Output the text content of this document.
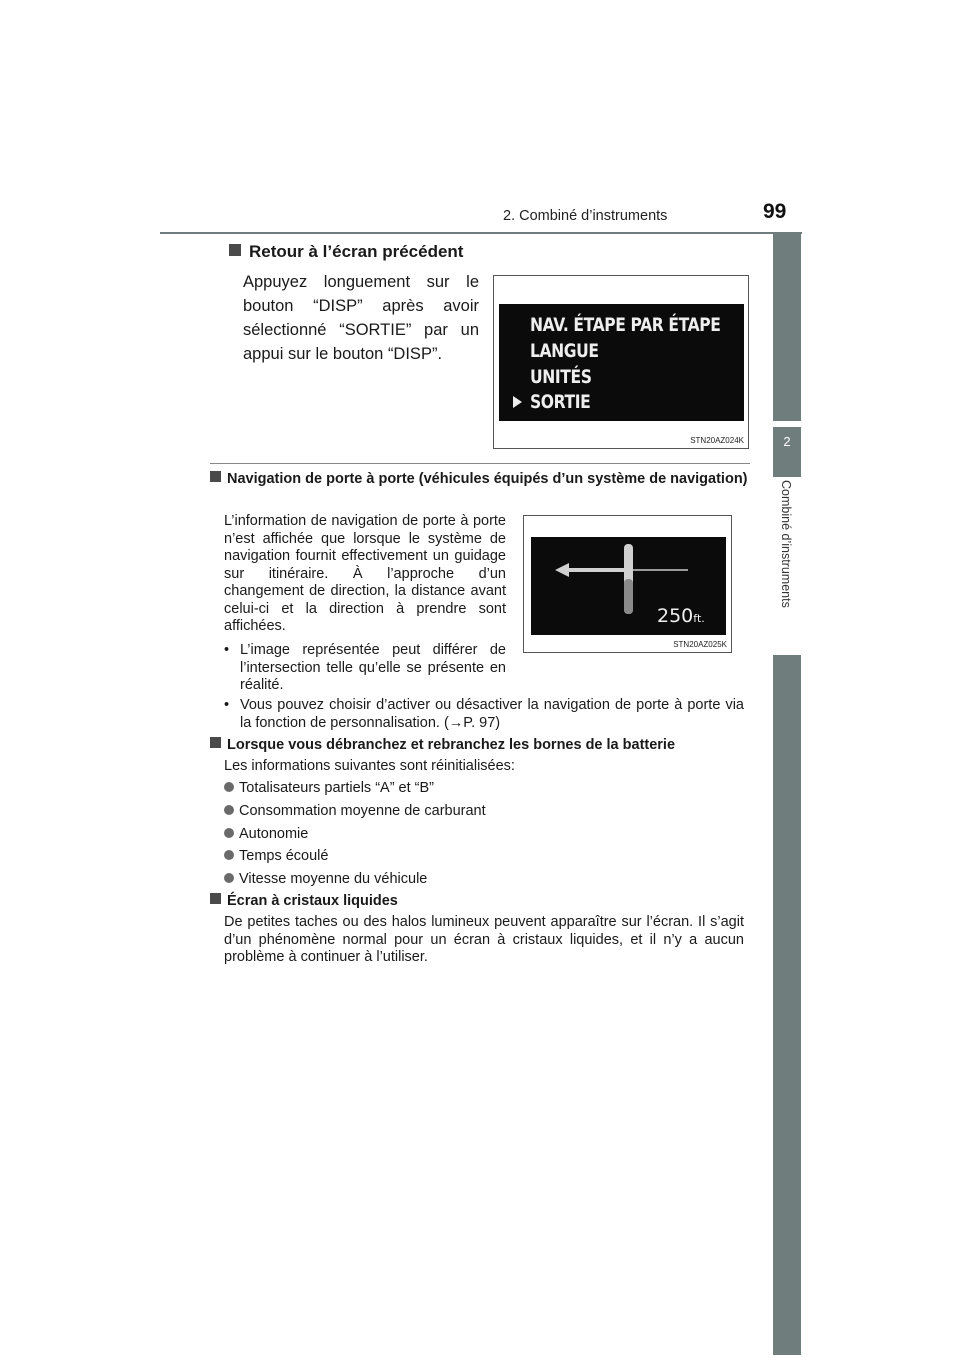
2. Combiné d’instruments	99
2
Combiné d’instruments
Retour à l’écran précédent
Appuyez longuement sur le bouton “DISP” après avoir sélectionné “SORTIE” par un appui sur le bouton “DISP”.
NAV. ÉTAPE PAR ÉTAPE
LANGUE
UNITÉS
SORTIE
STN20AZ024K
Navigation de porte à porte (véhicules équipés d’un système de navigation)
L’information de navigation de porte à porte n’est affichée que lorsque le système de navigation fournit effectivement un guidage sur itinéraire. À l’approche d’un changement de direction, la distance avant celui-ci et la direction à prendre sont affichées.
• L’image représentée peut différer de l’intersection telle qu’elle se présente en réalité.
• Vous pouvez choisir d’activer ou désactiver la navigation de porte à porte via la fonction de personnalisation. (→P. 97)
250ft.
STN20AZ025K
Lorsque vous débranchez et rebranchez les bornes de la batterie
Les informations suivantes sont réinitialisées:
Totalisateurs partiels “A” et “B”
Consommation moyenne de carburant
Autonomie
Temps écoulé
Vitesse moyenne du véhicule
Écran à cristaux liquides
De petites taches ou des halos lumineux peuvent apparaître sur l’écran. Il s’agit d’un phénomène normal pour un écran à cristaux liquides, et il n’y a aucun problème à continuer à l’utiliser.
